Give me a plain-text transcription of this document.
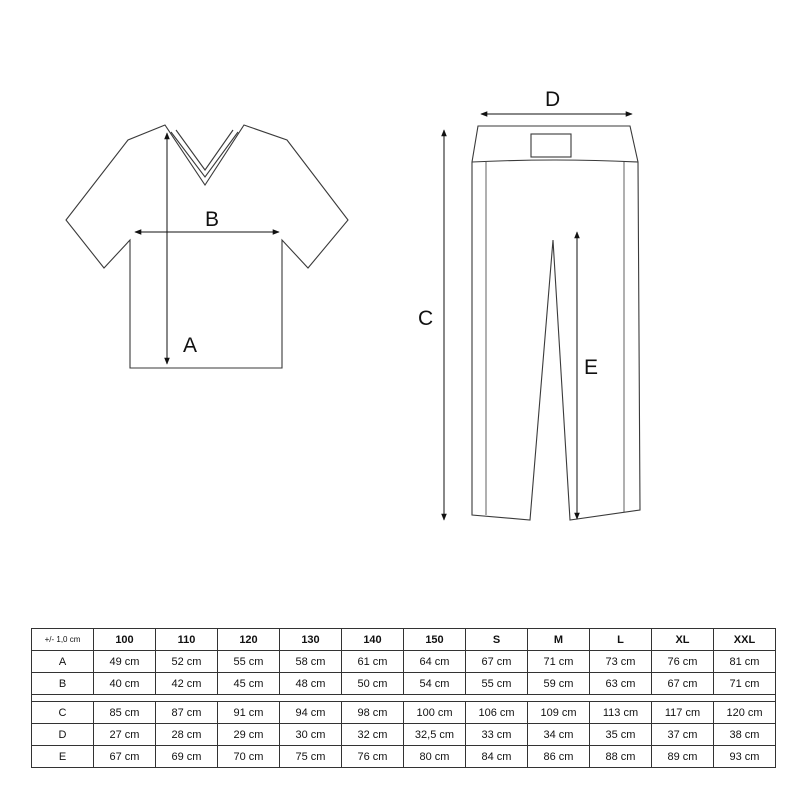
A
B
C
D
E
+/- 1,0 cm	100	110	120	130	140	150	S	M	L	XL	XXL
A	49 cm	52 cm	55 cm	58 cm	61 cm	64 cm	67 cm	71 cm	73 cm	76 cm	81 cm
B	40 cm	42 cm	45 cm	48 cm	50 cm	54 cm	55 cm	59 cm	63 cm	67 cm	71 cm

C	85 cm	87 cm	91 cm	94 cm	98 cm	100 cm	106 cm	109 cm	113 cm	117 cm	120 cm
D	27 cm	28 cm	29 cm	30 cm	32 cm	32,5 cm	33 cm	34 cm	35 cm	37 cm	38 cm
E	67 cm	69 cm	70 cm	75 cm	76 cm	80 cm	84 cm	86 cm	88 cm	89 cm	93 cm
